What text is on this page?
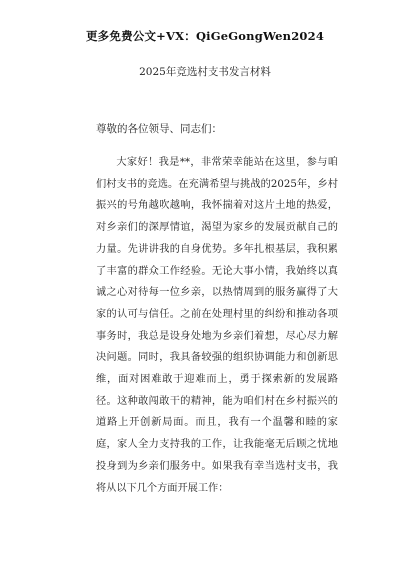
更多免费公文+VX：QiGeGongWen2024
2025年竞选村支书发言材料
尊敬的各位领导、同志们：

大家好！我是**，非常荣幸能站在这里，参与咱们村支书的竞选。在充满希望与挑战的2025年，乡村振兴的号角越吹越响，我怀揣着对这片土地的热爱，对乡亲们的深厚情谊，渴望为家乡的发展贡献自己的力量。先讲讲我的自身优势。多年扎根基层，我积累了丰富的群众工作经验。无论大事小情，我始终以真诚之心对待每一位乡亲，以热情周到的服务赢得了大家的认可与信任。之前在处理村里的纠纷和推动各项事务时，我总是设身处地为乡亲们着想，尽心尽力解决问题。同时，我具备较强的组织协调能力和创新思维，面对困难敢于迎难而上，勇于探索新的发展路径。这种敢闯敢干的精神，能为咱们村在乡村振兴的道路上开创新局面。而且，我有一个温馨和睦的家庭，家人全力支持我的工作，让我能毫无后顾之忧地投身到为乡亲们服务中。如果我有幸当选村支书，我将从以下几个方面开展工作：
